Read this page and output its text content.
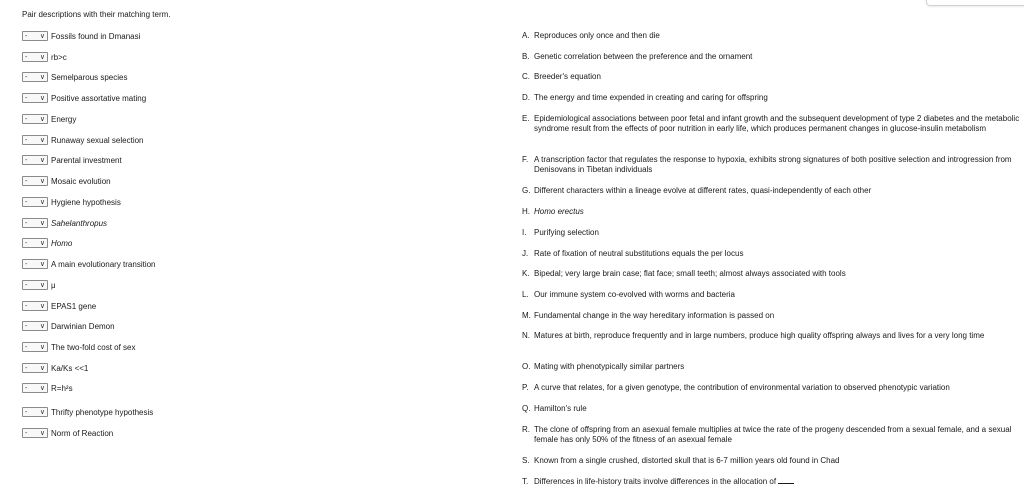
Pair descriptions with their matching term.
- ∨ Fossils found in Dmanasi
- ∨ rb>c
- ∨ Semelparous species
- ∨ Positive assortative mating
- ∨ Energy
- ∨ Runaway sexual selection
- ∨ Parental investment
- ∨ Mosaic evolution
- ∨ Hygiene hypothesis
- ∨ Sahelanthropus
- ∨ Homo
- ∨ A main evolutionary transition
- ∨ μ
- ∨ EPAS1 gene
- ∨ Darwinian Demon
- ∨ The two-fold cost of sex
- ∨ Ka/Ks <<1
- ∨ R=h²s
- ∨ Thrifty phenotype hypothesis
- ∨ Norm of Reaction
A. Reproduces only once and then die
B. Genetic correlation between the preference and the ornament
C. Breeder's equation
D. The energy and time expended in creating and caring for offspring
E. Epidemiological associations between poor fetal and infant growth and the subsequent development of type 2 diabetes and the metabolic syndrome result from the effects of poor nutrition in early life, which produces permanent changes in glucose-insulin metabolism
F. A transcription factor that regulates the response to hypoxia, exhibits strong signatures of both positive selection and introgression from Denisovans in Tibetan individuals
G. Different characters within a lineage evolve at different rates, quasi-independently of each other
H. Homo erectus
I. Purifying selection
J. Rate of fixation of neutral substitutions equals the per locus
K. Bipedal; very large brain case; flat face; small teeth; almost always associated with tools
L. Our immune system co-evolved with worms and bacteria
M. Fundamental change in the way hereditary information is passed on
N. Matures at birth, reproduce frequently and in large numbers, produce high quality offspring always and lives for a very long time
O. Mating with phenotypically similar partners
P. A curve that relates, for a given genotype, the contribution of environmental variation to observed phenotypic variation
Q. Hamilton's rule
R. The clone of offspring from an asexual female multiplies at twice the rate of the progeny descended from a sexual female, and a sexual female has only 50% of the fitness of an asexual female
S. Known from a single crushed, distorted skull that is 6-7 million years old found in Chad
T. Differences in life-history traits involve differences in the allocation of
